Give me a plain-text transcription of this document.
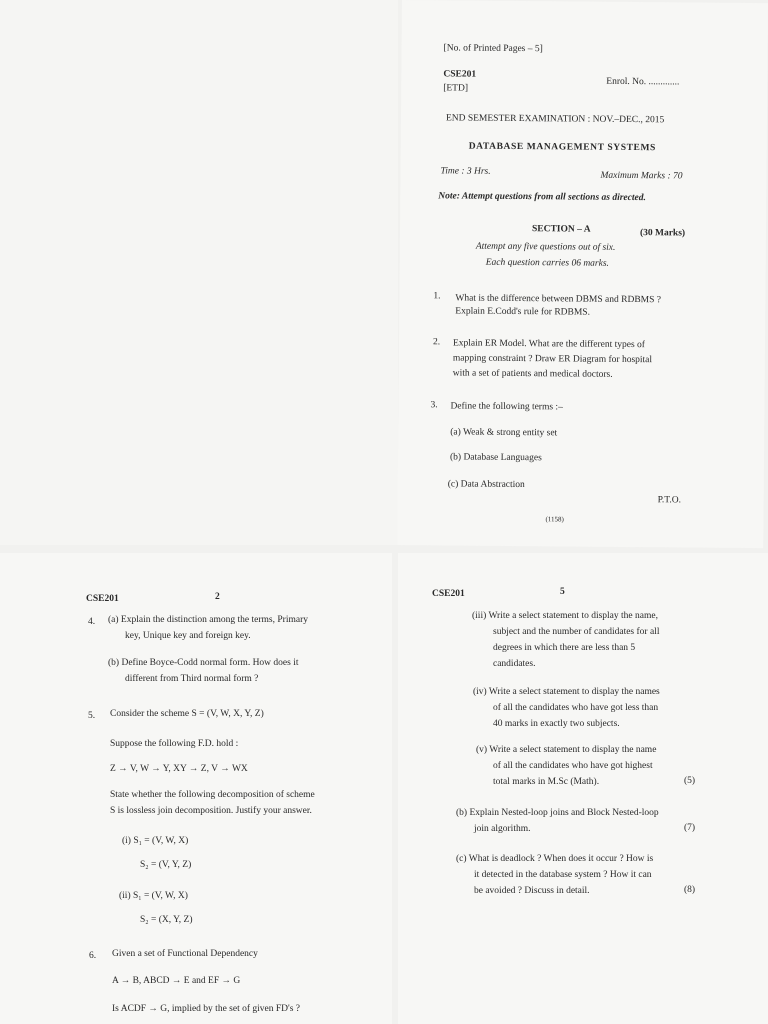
[No. of Printed Pages – 5]
CSE201
[ETD]
Enrol. No. .............
END SEMESTER EXAMINATION : NOV.–DEC., 2015
DATABASE MANAGEMENT SYSTEMS
Time : 3 Hrs.	Maximum Marks : 70
Note: Attempt questions from all sections as directed.
SECTION – A	(30 Marks)
Attempt any five questions out of six.
Each question carries 06 marks.
1. What is the difference between DBMS and RDBMS ?
Explain E.Codd's rule for RDBMS.
2. Explain ER Model. What are the different types of
mapping constraint ? Draw ER Diagram for hospital
with a set of patients and medical doctors.
3. Define the following terms :–
(a) Weak & strong entity set
(b) Database Languages
(c) Data Abstraction
P.T.O.
(1158)
CSE201	2
4. (a) Explain the distinction among the terms, Primary
key, Unique key and foreign key.
(b) Define Boyce-Codd normal form. How does it
different from Third normal form ?
5. Consider the scheme S = (V, W, X, Y, Z)
Suppose the following F.D. hold :
Z → V, W → Y, XY → Z, V → WX
State whether the following decomposition of scheme
S is lossless join decomposition. Justify your answer.
(i) S₁ = (V, W, X)
S₂ = (V, Y, Z)
(ii) S₁ = (V, W, X)
S₂ = (X, Y, Z)
6. Given a set of Functional Dependency
A → B, ABCD → E and EF → G
Is ACDF → G, implied by the set of given FD's ?
CSE201	5
(iii) Write a select statement to display the name,
subject and the number of candidates for all
degrees in which there are less than 5
candidates.
(iv) Write a select statement to display the names
of all the candidates who have got less than
40 marks in exactly two subjects.
(v) Write a select statement to display the name
of all the candidates who have got highest
total marks in M.Sc (Math).	(5)
(b) Explain Nested-loop joins and Block Nested-loop
join algorithm.	(7)
(c) What is deadlock ? When does it occur ? How is
it detected in the database system ? How it can
be avoided ? Discuss in detail.	(8)
